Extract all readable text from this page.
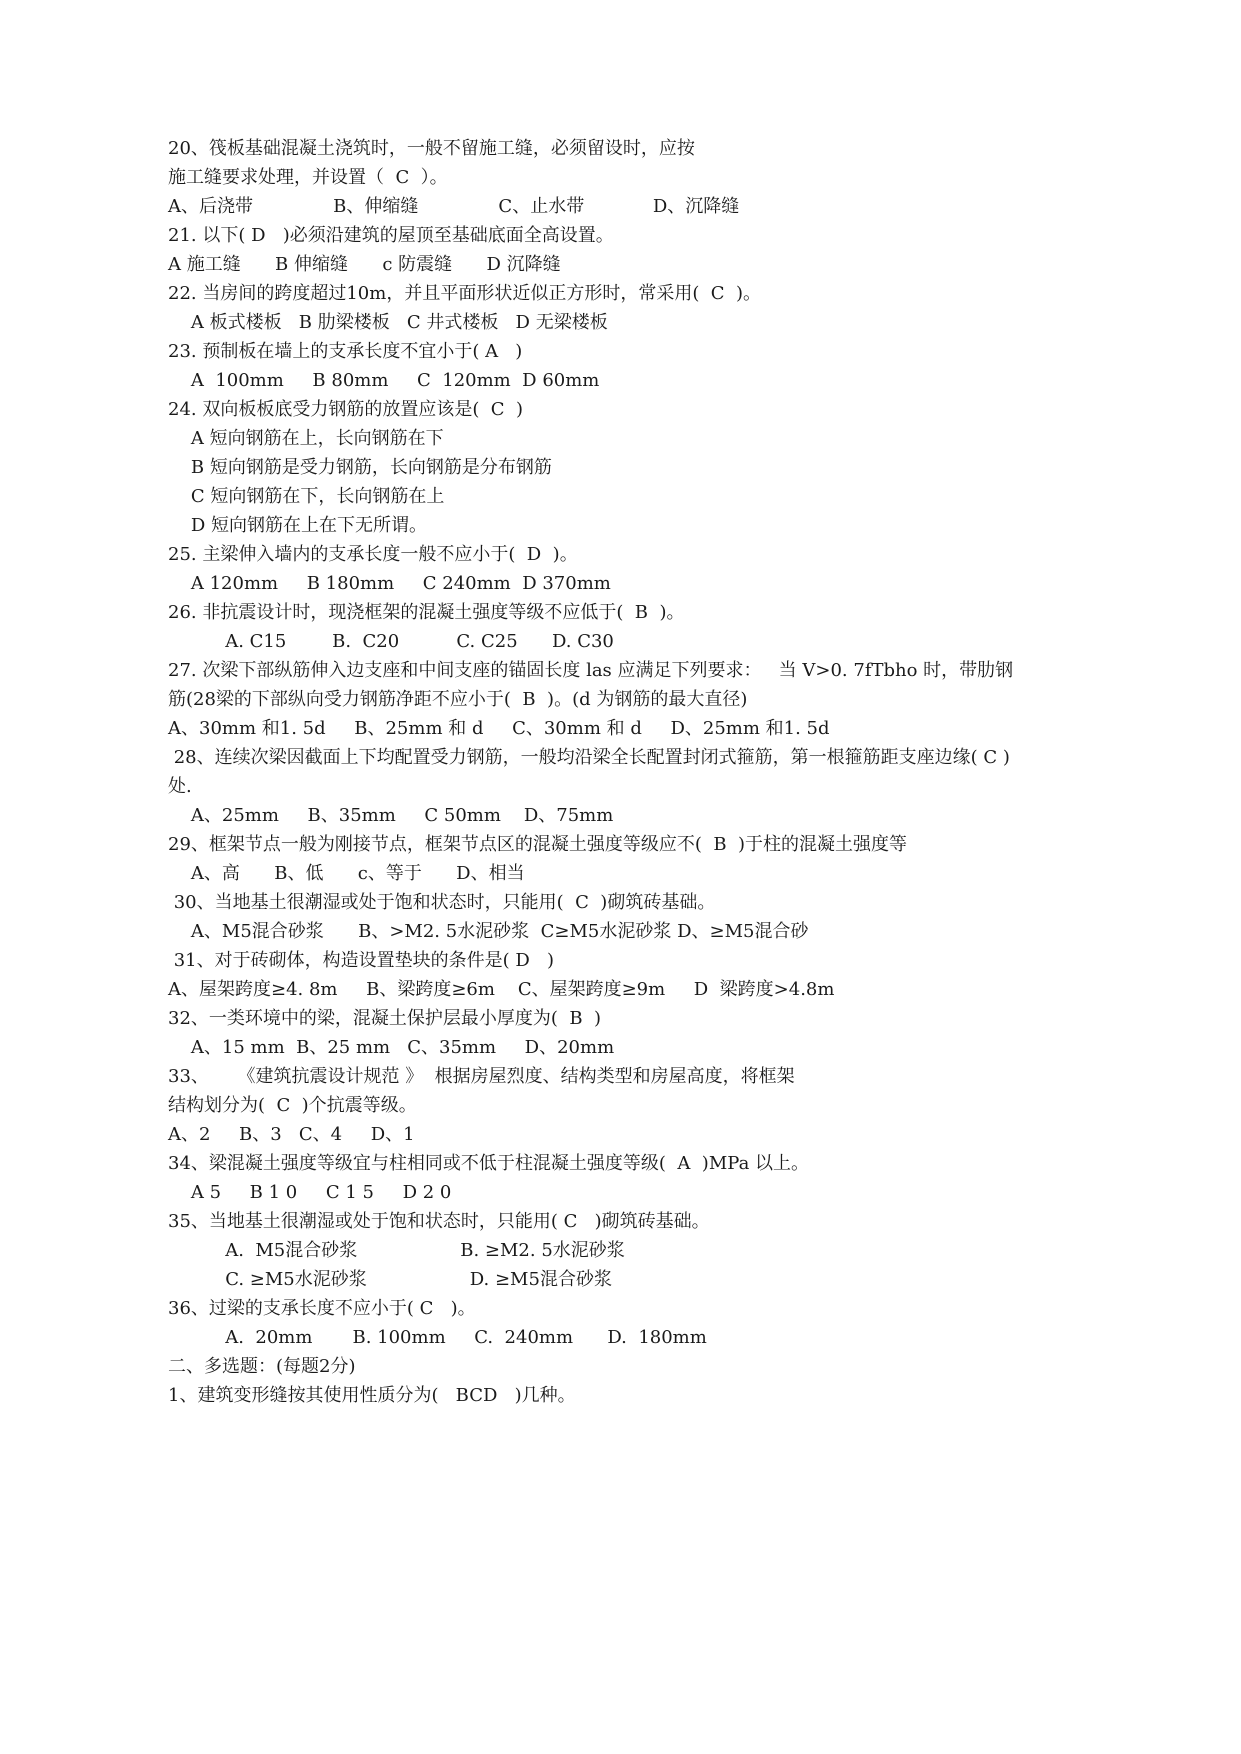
20、筏板基础混凝土浇筑时，一般不留施工缝，必须留设时，应按
施工缝要求处理，并设置（  C  ）。
A、后浇带              B、伸缩缝              C、止水带            D、沉降缝
21. 以下( D   )必须沿建筑的屋顶至基础底面全高设置。
A 施工缝      B 伸缩缝      c 防震缝      D 沉降缝
22. 当房间的跨度超过10m，并且平面形状近似正方形时，常采用(  C  )。
A 板式楼板   B 肋梁楼板   C 井式楼板   D 无梁楼板
23. 预制板在墙上的支承长度不宜小于( A   )
A  100mm     B 80mm     C  120mm  D 60mm
24. 双向板板底受力钢筋的放置应该是(  C  )
A 短向钢筋在上，长向钢筋在下
B 短向钢筋是受力钢筋，长向钢筋是分布钢筋
C 短向钢筋在下，长向钢筋在上
D 短向钢筋在上在下无所谓。
25. 主梁伸入墙内的支承长度一般不应小于(  D  )。
A 120mm     B 180mm     C 240mm  D 370mm
26. 非抗震设计时，现浇框架的混凝土强度等级不应低于(  B  )。
A. C15        B.  C20          C. C25      D. C30
27. 次梁下部纵筋伸入边支座和中间支座的锚固长度 las 应满足下列要求：   当 V>0. 7fTbho 时，带肋钢
筋(28梁的下部纵向受力钢筋净距不应小于(  B  )。(d 为钢筋的最大直径)
A、30mm 和1. 5d     B、25mm 和 d     C、30mm 和 d     D、25mm 和1. 5d
28、连续次梁因截面上下均配置受力钢筋，一般均沿梁全长配置封闭式箍筋，第一根箍筋距支座边缘( C )
处.
A、25mm     B、35mm     C 50mm    D、75mm
29、框架节点一般为刚接节点，框架节点区的混凝土强度等级应不(  B  )于柱的混凝土强度等
A、高      B、低      c、等于      D、相当
30、当地基土很潮湿或处于饱和状态时，只能用(  C  )砌筑砖基础。
A、M5混合砂浆      B、>M2. 5水泥砂浆  C≥M5水泥砂浆 D、≥M5混合砂
31、对于砖砌体，构造设置垫块的条件是( D   )
A、屋架跨度≥4. 8m     B、梁跨度≥6m    C、屋架跨度≥9m     D  梁跨度>4.8m
32、一类环境中的梁，混凝土保护层最小厚度为(  B  )
A、15 mm  B、25 mm   C、35mm     D、20mm
33、     《建筑抗震设计规范 》  根据房屋烈度、结构类型和房屋高度，将框架
结构划分为(  C  )个抗震等级。
A、2     B、3   C、4     D、1
34、梁混凝土强度等级宜与柱相同或不低于柱混凝土强度等级(  A  )MPa 以上。
A 5     B 1 0     C 1 5     D 2 0
35、当地基土很潮湿或处于饱和状态时，只能用( C   )砌筑砖基础。
A.  M5混合砂浆                  B. ≥M2. 5水泥砂浆
C. ≥M5水泥砂浆                  D. ≥M5混合砂浆
36、过梁的支承长度不应小于( C   )。
A.  20mm       B. 100mm     C.  240mm      D.  180mm
二、多选题：(每题2分)
1、建筑变形缝按其使用性质分为(   BCD   )几种。
